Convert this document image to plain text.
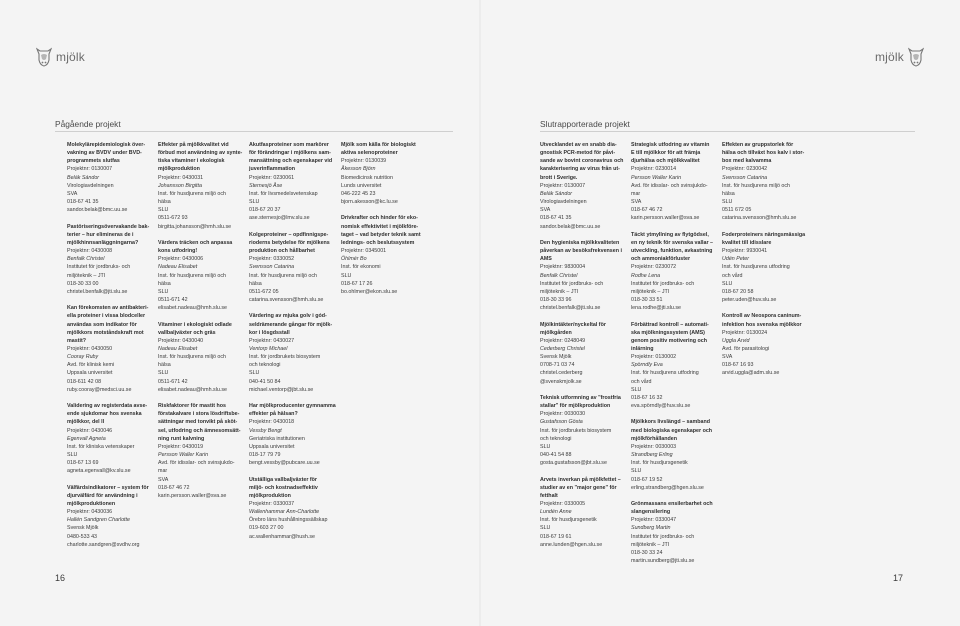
mjölk
Pågående projekt
Molekylärepidemiologisk över-
vakning av BVDV under BVD-
programmets slutfas
Projektnr: 0130007
Belák Sándor
Virologiavdelningen
SVA
018-67 41 35
sandor.belak@bmc.uu.se
Pastöriseringsövervakande bak-
terier – hur elimineras de i
mjölkhinnsanläggningarna?
Projektnr: 0430008
Benfalk Christel
Institutet för jordbruks- och
miljöteknik – JTI
018-30 33 00
christel.benfalk@jti.slu.se
Kan förekomsten av antibakteri-
ella proteiner i vissa blodceller
användas som indikator för
mjölkkors motståndskraft mot
mastit?
Projektnr: 0430050
Cooray Ruby
Avd. för klinisk kemi
Uppsala universitet
018-611 42 08
ruby.cooray@medsci.uu.se
Validering av registerdata avse-
ende sjukdomar hos svenska
mjölkkor, del II
Projektnr: 0430046
Egenvall Agneta
Inst. för kliniska vetenskaper
SLU
018-67 13 69
agneta.egenvall@kv.slu.se
Välfärdsindikatorer – system för
djurvälfärd för användning i
mjölkproduktionen
Projektnr: 0430036
Hallén Sandgren Charlotte
Svensk Mjölk
0480-533 43
charlotte.sandgren@svdhv.org
Effekter på mjölkkvalitet vid
förbud mot användning av synte-
tiska vitaminer i ekologisk
mjölkproduktion
Projektnr: 0430031
Johansson Birgitta
Inst. för husdjurens miljö och
hälsa
SLU
0511-672 93
birgitta.johansson@hmh.slu.se
Värdera träcken och anpassa
kons utfodring!
Projektnr: 0430006
Nadeau Elisabet
Inst. för husdjurens miljö och
hälsa
SLU
0511-671 42
elisabet.nadeau@hmh.slu.se
Vitaminer i ekologiskt odlade
vallbaljväxter och gräs
Projektnr: 0430040
Nadeau Elisabet
Inst. för husdjurens miljö och
hälsa
SLU
0511-671 42
elisabet.nadeau@hmh.slu.se
Riskfaktorer för mastit hos
förstakalvare i stora lösdriftsbe-
sättningar med tonvikt på sköt-
sel, utfodring och ämnesomsätt-
ning runt kalvning
Projektnr: 0430019
Persson Waller Karin
Avd. för idisslar- och svinsjukdo-
mar
SVA
018-67 46 72
karin.persson.waller@sva.se
Akutfasproteiner som markörer
för förändringar i mjölkens sam-
mansättning och egenskaper vid
juverinflammation
Projektnr: 0230061
Sternesjö Åse
Inst. för livsmedelsvetenskap
SLU
018-67 20 37
ase.sternesjo@lmv.slu.se
Kolgeproteiner – opdfinnigspe-
rioderns betydelse för mjölkens
produktion och hållbarhet
Projektnr: 0330052
Svensson Catarina
Inst. för husdjurens miljö och
hälsa
0511-672 05
catarina.svensson@hmh.slu.se
Värdering av mjuka golv i gód-
seldrämerande gångar för mjölk-
kor i lösgdsstall
Projektnr: 0430027
Ventorp Michael
Inst. för jordbrukets biosystem
och teknologi
SLU
040-41 50 84
michael.ventorp@jbt.slu.se
Har mjölkproducenter gymnamma
effekter på hälsan?
Projektnr: 0430018
Vessby Bengt
Geriatriska institutionen
Uppsala universitet
018-17 79 79
bengt.vessby@pubcare.uu.se
Utställiga vallbaljväxter för
miljö- och kostnadseffektiv
mjölkproduktion
Projektnr: 0330037
Wallenhammar Ann-Charlotte
Örebro läns hushållningssällskap
019-603 27 00
ac.wallenhammar@hush.se
Mjölk som källa för biologiskt
aktiva selenoproteiner
Projektnr: 0130039
Åkesson Björn
Biomedicinsk nutrition
Lunds universitet
046-222 45 23
bjorn.akesson@kc.lu.se
Drivkrafter och hinder för eko-
nomisk effektivitet i mjölkföre-
taget – vad betyder teknik samt
lednings- och beslutssystem
Projektnr: 0345001
Öhlmér Bo
Inst. för ekonomi
SLU
018-67 17 26
bo.ohlmer@ekon.slu.se
16
mjölk
Slutrapporterade projekt
Utvecklandet av en snabb dia-
gnostisk PCR-metod för påvi-
sande av bovint coronavirus och
karakterisering av virus från ut-
brott i Sverige.
Projektnr: 0130007
Belák Sándor
Virologiavdelningen
SVA
018-67 41 35
sandor.belak@bmc.uu.se
Den hygieniska mjölkkvaliteten
påverkan av besöksfrekvensen i
AMS
Projektnr: 9830004
Benfalk Christel
Institutet för jordbruks- och
miljöteknik – JTI
018-30 33 96
christel.benfalk@jti.slu.se
Mjölkintäkter/nyckeltal för
mjölkgården
Projektnr: 0248049
Cederberg Christel
Svensk Mjölk
0708-71 03 74
christel.cederberg
@svenskmjolk.se
Teknisk utformning av "frostfria
stallar" för mjölkproduktion
Projektnr: 0030030
Gustafsson Gösta
Inst. för jordbrukets biosystem
och teknologi
SLU
040-41 54 88
gosta.gustafsson@jbt.slu.se
Arvets inverkan på mjölkfettet –
studier av en "major gene" för
fetthalt
Projektnr: 0330005
Lundén Anne
Inst. för husdjursgenetik
SLU
018-67 19 61
anne.lunden@hgen.slu.se
Strategisk utfodring av vitamin
E till mjölkkor för att främja
djurhälsa och mjölkkvalitet
Projektnr: 0230014
Persson Waller Karin
Avd. för idisslar- och svinsjukdo-
mar
SVA
018-67 46 72
karin.persson.waller@sva.se
Täckt ytmyllning av flytgödsel,
en ny teknik för svenska vallar –
utveckling, funktion, avkastning
och ammoniakförluster
Projektnr: 0230072
Rodhe Lena
Institutet för jordbruks- och
miljöteknik – JTI
018-30 33 51
lena.rodhe@jti.slu.se
Förbättrad kontroll – automati-
ska mjölkningssystem (AMS)
genom positiv motivering och
inlärning
Projektnr: 0130002
Spörndly Eva
Inst. för husdjurens utfodring
och vård
SLU
018-67 16 32
eva.spörndly@huv.slu.se
Mjölkkors livslängd – samband
med biologiska egenskaper och
mjölkförhållanden
Projektnr: 0030003
Strandberg Erling
Inst. för husdjursgenetik
SLU
018-67 19 52
erling.strandberg@hgen.slu.se
Grönmassans ensilerbarhet och
slangensilering
Projektnr: 0330047
Sundberg Martin
Institutet för jordbruks- och
miljöteknik – JTI
018-30 33 24
martin.sundberg@jti.slu.se
Effekten av gruppstorlek för
hälsa och tillväxt hos kalv i stor-
box med kalvamma
Projektnr: 0230042
Svensson Catarina
Inst. för husdjurens miljö och
hälsa
SLU
0511 672 05
catarina.svensson@hmh.slu.se
Foderproteiners näringsmässiga
kvalitet till idisslare
Projektnr: 9930041
Udén Peter
Inst. för husdjurens utfodring
och vård
SLU
018-67 20 58
peter.uden@huv.slu.se
Kontroll av Neospora caninum-
infektion hos svenska mjölkkor
Projektnr: 0130024
Uggla Arvid
Avd. för parasitologi
SVA
018-67 16 93
arvid.uggla@adm.slu.se
17
